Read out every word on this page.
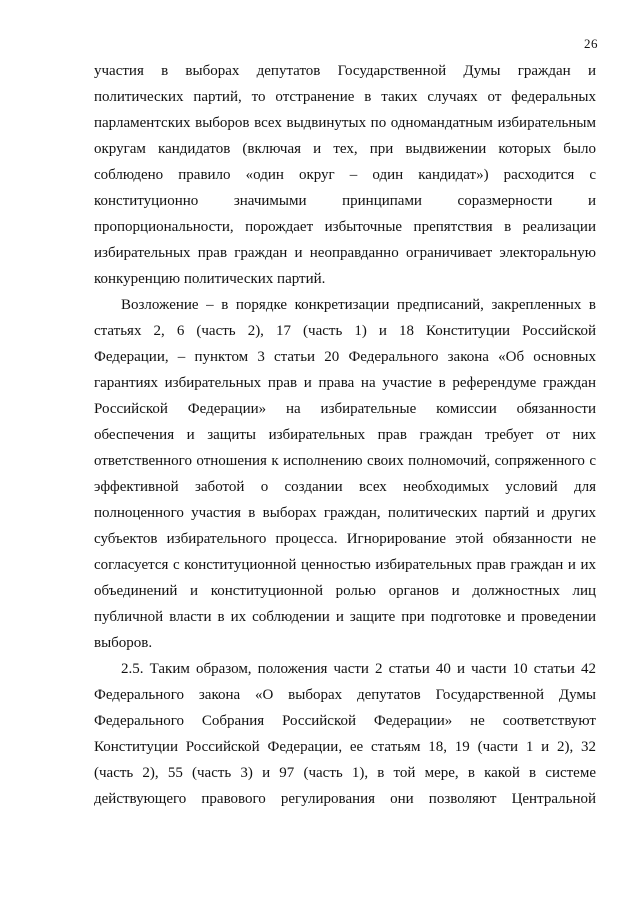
26
участия в выборах депутатов Государственной Думы граждан и
политических партий, то отстранение в таких случаях от федеральных
парламентских выборов всех выдвинутых по одномандатным избирательным
округам кандидатов (включая и тех, при выдвижении которых было
соблюдено правило «один округ – один кандидат») расходится с
конституционно значимыми принципами соразмерности и
пропорциональности, порождает избыточные препятствия в реализации
избирательных прав граждан и неоправданно ограничивает электоральную
конкуренцию политических партий.
Возложение – в порядке конкретизации предписаний, закрепленных в
статьях 2, 6 (часть 2), 17 (часть 1) и 18 Конституции Российской
Федерации, – пунктом 3 статьи 20 Федерального закона «Об основных
гарантиях избирательных прав и права на участие в референдуме граждан
Российской Федерации» на избирательные комиссии обязанности
обеспечения и защиты избирательных прав граждан требует от них
ответственного отношения к исполнению своих полномочий, сопряженного с
эффективной заботой о создании всех необходимых условий для
полноценного участия в выборах граждан, политических партий и других
субъектов избирательного процесса. Игнорирование этой обязанности не
согласуется с конституционной ценностью избирательных прав граждан и их
объединений и конституционной ролью органов и должностных лиц
публичной власти в их соблюдении и защите при подготовке и проведении
выборов.
2.5. Таким образом, положения части 2 статьи 40 и части 10 статьи 42
Федерального закона «О выборах депутатов Государственной Думы
Федерального Собрания Российской Федерации» не соответствуют
Конституции Российской Федерации, ее статьям 18, 19 (части 1 и 2), 32
(часть 2), 55 (часть 3) и 97 (часть 1), в той мере, в какой в системе
действующего правового регулирования они позволяют Центральной
